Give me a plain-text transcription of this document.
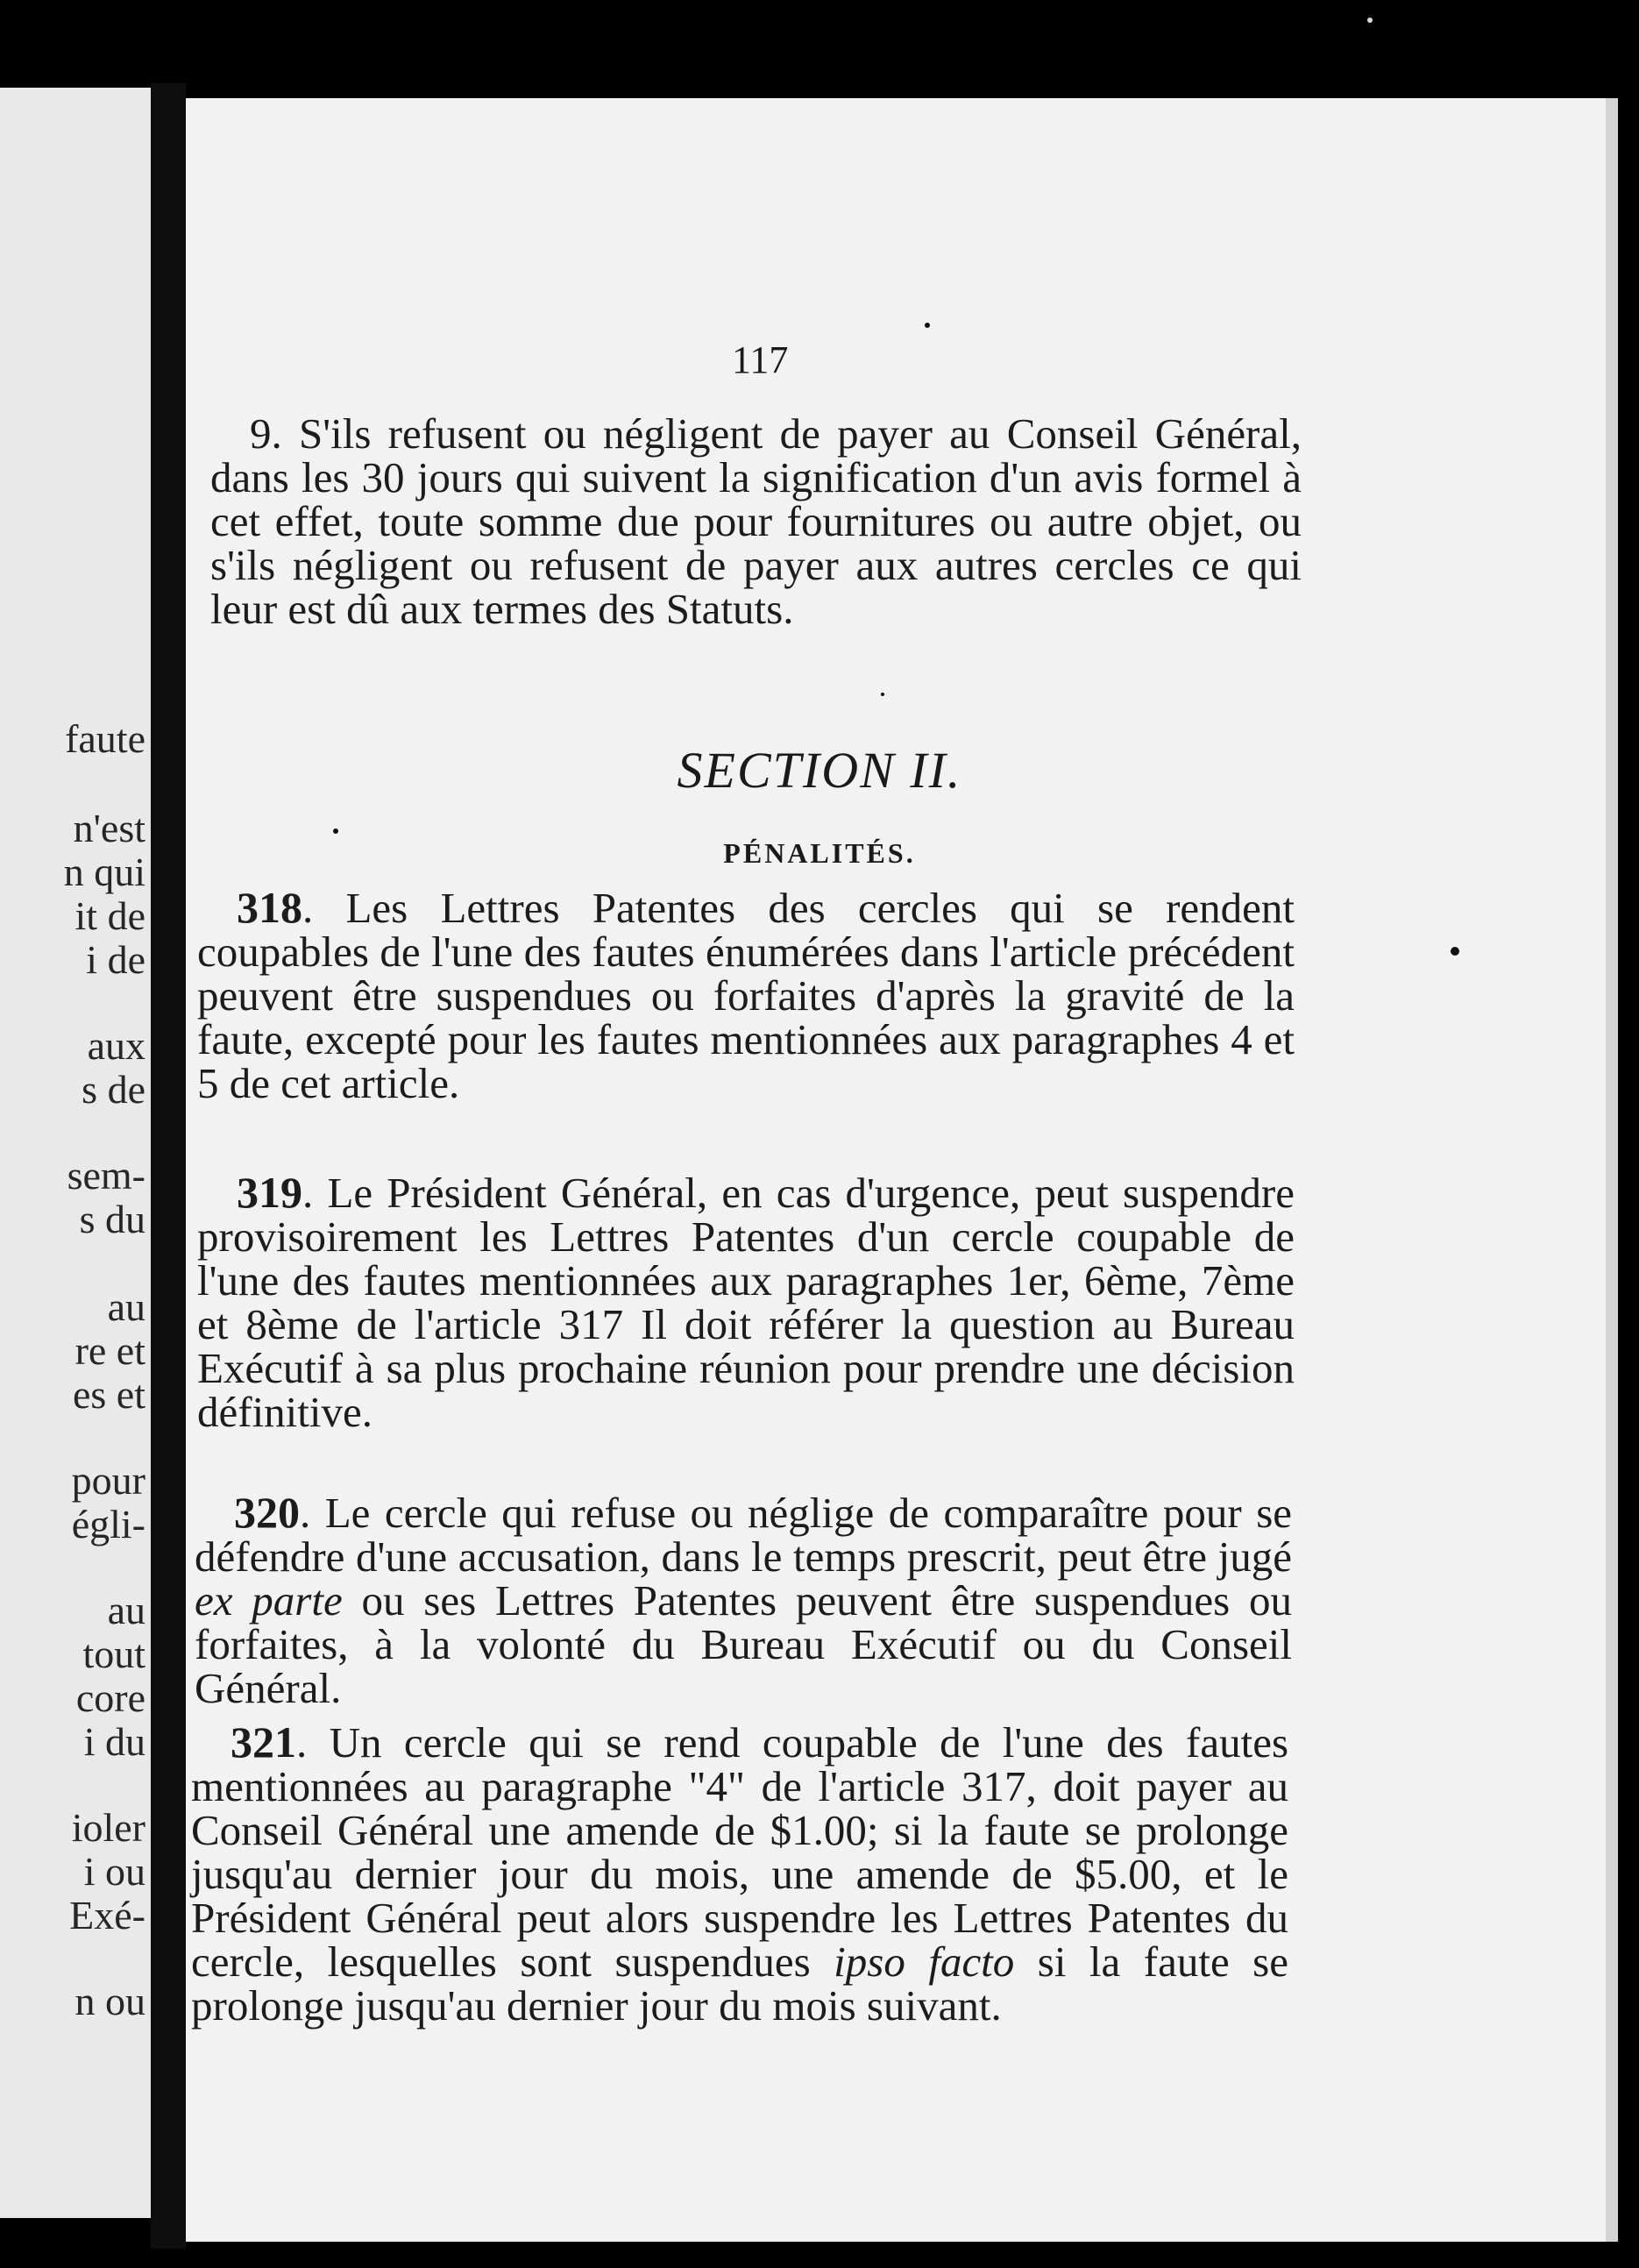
faute
n'est
n qui
it de
i de
aux
s de
sem-
s du
au
re et
es et
pour
égli-
au
tout
core
i du
ioler
i ou
Exé-
n ou
117
9. S'ils refusent ou négligent de payer au Conseil Général, dans les 30 jours qui suivent la signification d'un avis formel à cet effet, toute somme due pour fournitures ou autre objet, ou s'ils négligent ou refusent de payer aux autres cercles ce qui leur est dû aux termes des Statuts.
SECTION II.
PÉNALITÉS.
318. Les Lettres Patentes des cercles qui se rendent coupables de l'une des fautes énumérées dans l'article précédent peuvent être suspendues ou forfaites d'après la gravité de la faute, excepté pour les fautes mentionnées aux paragraphes 4 et 5 de cet article.
319. Le Président Général, en cas d'urgence, peut suspendre provisoirement les Lettres Patentes d'un cercle coupable de l'une des fautes mentionnées aux paragraphes 1er, 6ème, 7ème et 8ème de l'article 317 Il doit référer la question au Bureau Exécutif à sa plus prochaine réunion pour prendre une décision définitive.
320. Le cercle qui refuse ou néglige de comparaître pour se défendre d'une accusation, dans le temps prescrit, peut être jugé ex parte ou ses Lettres Patentes peuvent être suspendues ou forfaites, à la volonté du Bureau Exécutif ou du Conseil Général.
321. Un cercle qui se rend coupable de l'une des fautes mentionnées au paragraphe "4" de l'article 317, doit payer au Conseil Général une amende de $1.00; si la faute se prolonge jusqu'au dernier jour du mois, une amende de $5.00, et le Président Général peut alors suspendre les Lettres Patentes du cercle, lesquelles sont suspendues ipso facto si la faute se prolonge jusqu'au dernier jour du mois suivant.
